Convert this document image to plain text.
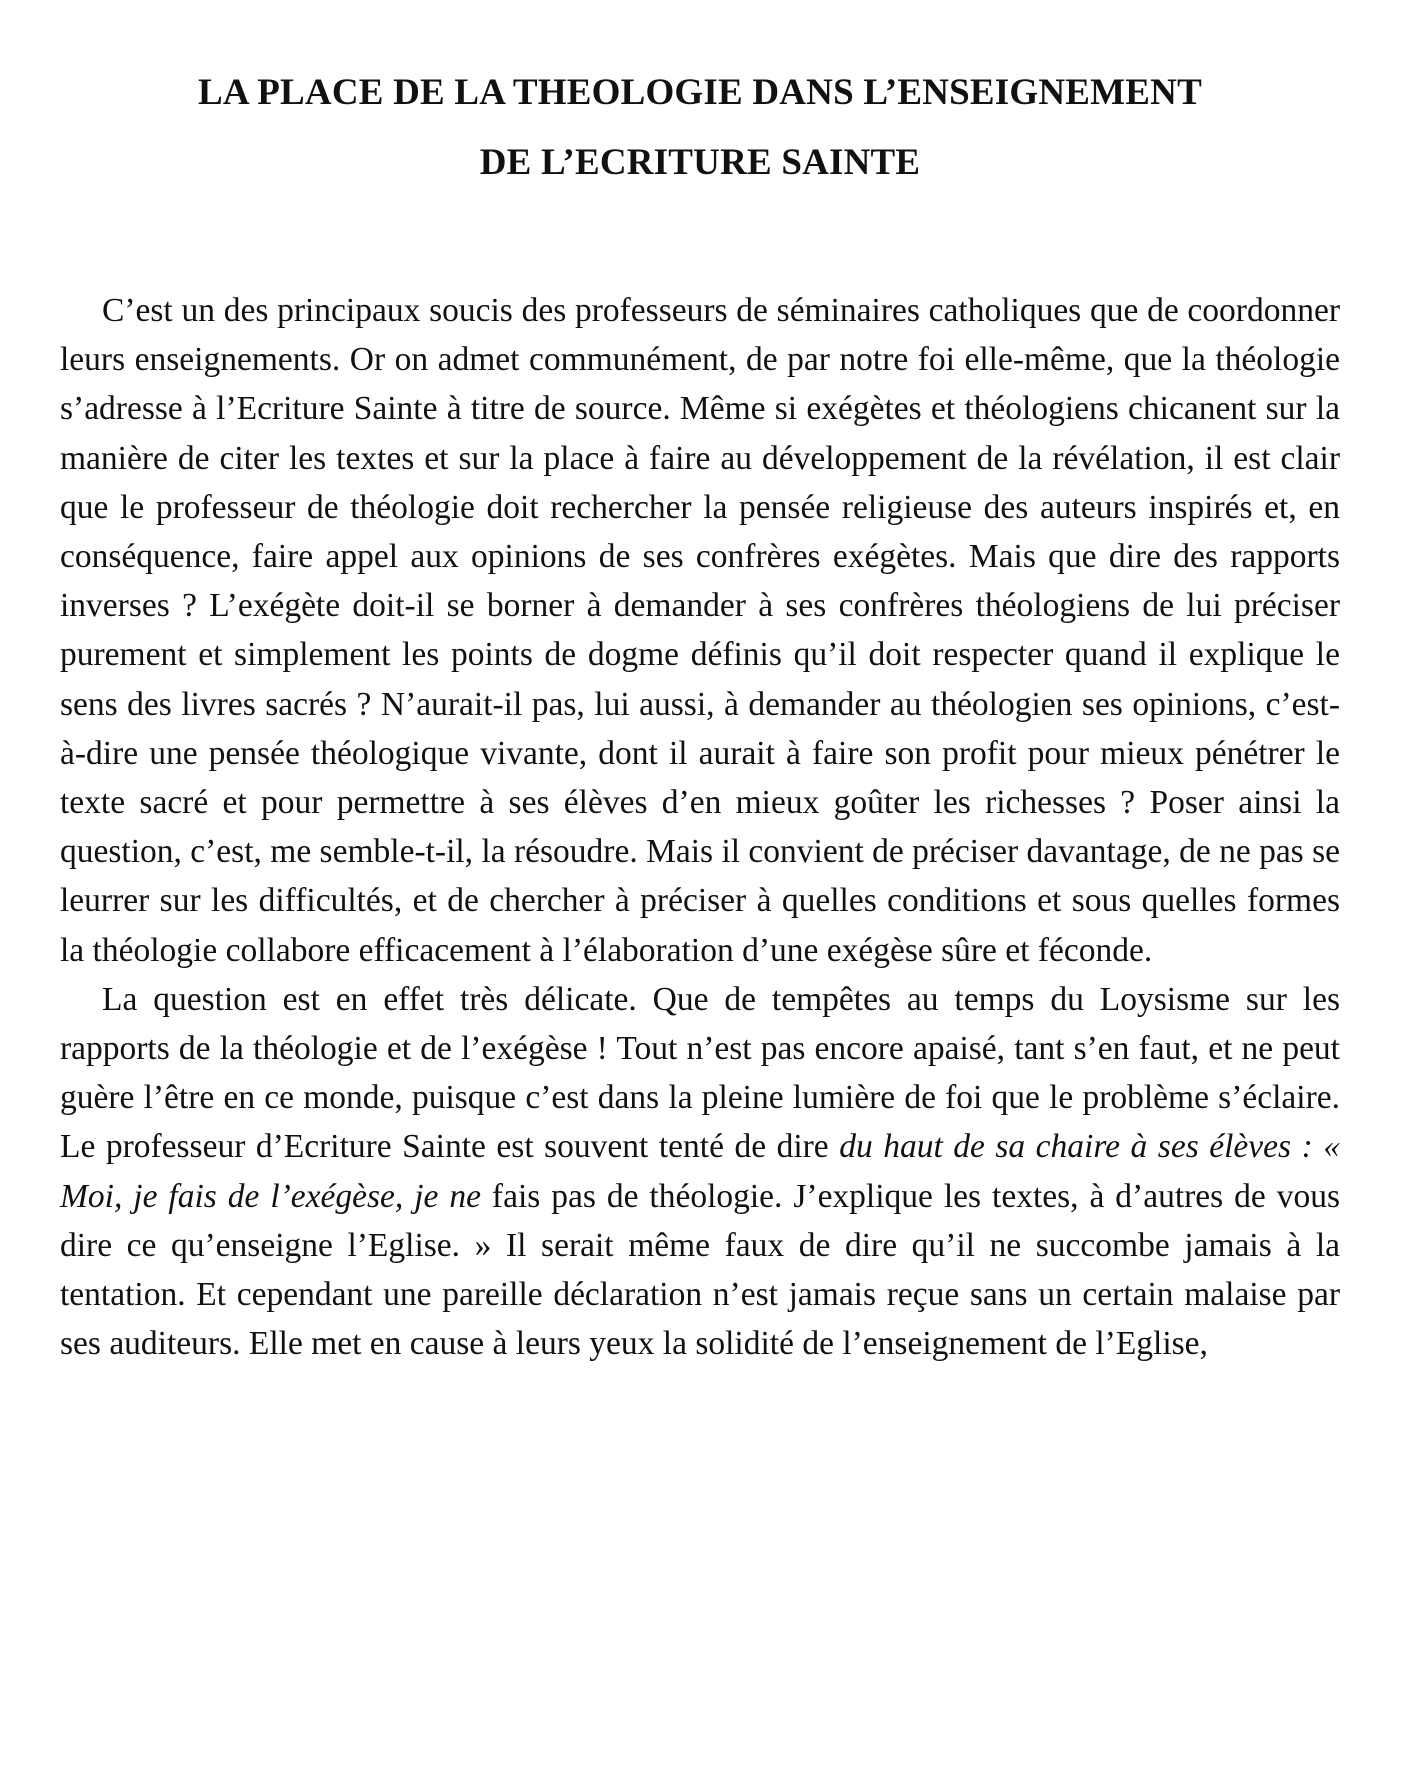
LA PLACE DE LA THEOLOGIE DANS L’ENSEIGNEMENT
DE L’ECRITURE SAINTE

C’est un des principaux soucis des professeurs de séminaires catholiques que de coordonner leurs enseignements. Or on admet communément, de par notre foi elle-même, que la théologie s’adresse à l’Ecriture Sainte à titre de source. Même si exégètes et théologiens chicanent sur la manière de citer les textes et sur la place à faire au développement de la révélation, il est clair que le professeur de théologie doit rechercher la pensée religieuse des auteurs inspirés et, en conséquence, faire appel aux opinions de ses confrères exégètes. Mais que dire des rapports inverses ? L’exégète doit-il se borner à demander à ses confrères théologiens de lui préciser purement et simplement les points de dogme définis qu’il doit respecter quand il explique le sens des livres sacrés ? N’aurait-il pas, lui aussi, à demander au théologien ses opinions, c’est-à-dire une pensée théologique vivante, dont il aurait à faire son profit pour mieux pénétrer le texte sacré et pour permettre à ses élèves d’en mieux goûter les richesses ? Poser ainsi la question, c’est, me semble-t-il, la résoudre. Mais il convient de préciser davantage, de ne pas se leurrer sur les difficultés, et de chercher à préciser à quelles conditions et sous quelles formes la théologie collabore efficacement à l’élaboration d’une exégèse sûre et féconde.

La question est en effet très délicate. Que de tempêtes au temps du Loysisme sur les rapports de la théologie et de l’exégèse ! Tout n’est pas encore apaisé, tant s’en faut, et ne peut guère l’être en ce monde, puisque c’est dans la pleine lumière de foi que le problème s’éclaire. Le professeur d’Ecriture Sainte est souvent tenté de dire du haut de sa chaire à ses élèves : « Moi, je fais de l’exégèse, je ne fais pas de théologie. J’explique les textes, à d’autres de vous dire ce qu’enseigne l’Eglise. » Il serait même faux de dire qu’il ne succombe jamais à la tentation. Et cependant une pareille déclaration n’est jamais reçue sans un certain malaise par ses auditeurs. Elle met en cause à leurs yeux la solidité de l’enseignement de l’Eglise,
